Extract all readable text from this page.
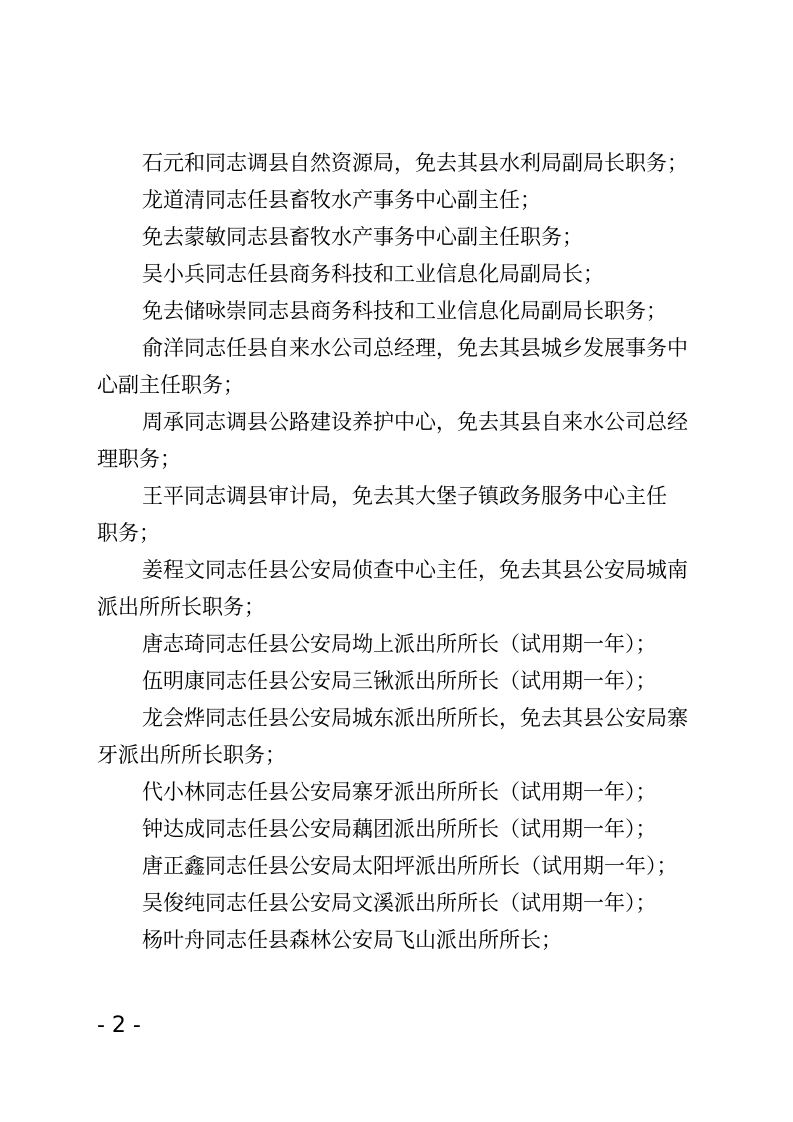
石元和同志调县自然资源局，免去其县水利局副局长职务；
龙道清同志任县畜牧水产事务中心副主任；
免去蒙敏同志县畜牧水产事务中心副主任职务；
吴小兵同志任县商务科技和工业信息化局副局长；
免去储咏崇同志县商务科技和工业信息化局副局长职务；
俞洋同志任县自来水公司总经理，免去其县城乡发展事务中
心副主任职务；
周承同志调县公路建设养护中心，免去其县自来水公司总经
理职务；
王平同志调县审计局，免去其大堡子镇政务服务中心主任
职务；
姜程文同志任县公安局侦查中心主任，免去其县公安局城南
派出所所长职务；
唐志琦同志任县公安局坳上派出所所长（试用期一年）；
伍明康同志任县公安局三锹派出所所长（试用期一年）；
龙会烨同志任县公安局城东派出所所长，免去其县公安局寨
牙派出所所长职务；
代小林同志任县公安局寨牙派出所所长（试用期一年）；
钟达成同志任县公安局藕团派出所所长（试用期一年）；
唐正鑫同志任县公安局太阳坪派出所所长（试用期一年）；
吴俊纯同志任县公安局文溪派出所所长（试用期一年）；
杨叶舟同志任县森林公安局飞山派出所所长；
- 2 -
